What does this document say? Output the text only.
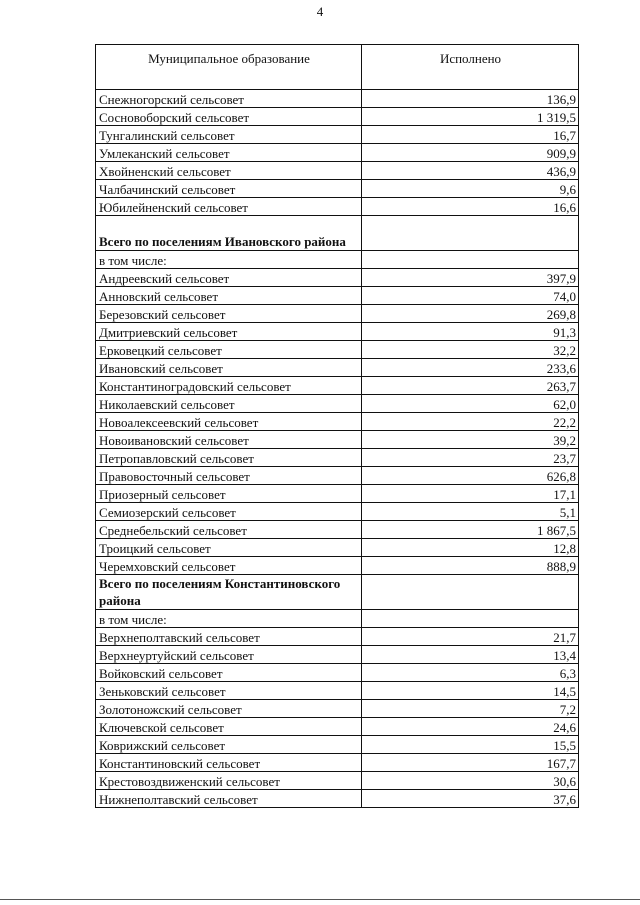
4
Муниципальное образование	Исполнено
Снежногорский сельсовет	136,9
Сосновоборский сельсовет	1 319,5
Тунгалинский сельсовет	16,7
Умлеканский сельсовет	909,9
Хвойненский сельсовет	436,9
Чалбачинский сельсовет	9,6
Юбилейненский сельсовет	16,6
Всего по поселениям Ивановского района	
в том числе:	
Андреевский сельсовет	397,9
Анновский сельсовет	74,0
Березовский сельсовет	269,8
Дмитриевский сельсовет	91,3
Ерковецкий сельсовет	32,2
Ивановский сельсовет	233,6
Константиноградовский сельсовет	263,7
Николаевский сельсовет	62,0
Новоалексеевский сельсовет	22,2
Новоивановский сельсовет	39,2
Петропавловский сельсовет	23,7
Правовосточный сельсовет	626,8
Приозерный сельсовет	17,1
Семиозерский сельсовет	5,1
Среднебельский сельсовет	1 867,5
Троицкий сельсовет	12,8
Черемховский сельсовет	888,9
Всего по поселениям Константиновского района	
в том числе:	
Верхнеполтавский сельсовет	21,7
Верхнеуртуйский сельсовет	13,4
Войковский сельсовет	6,3
Зеньковский сельсовет	14,5
Золотоножский сельсовет	7,2
Ключевской сельсовет	24,6
Коврижский сельсовет	15,5
Константиновский сельсовет	167,7
Крестовоздвиженский сельсовет	30,6
Нижнеполтавский сельсовет	37,6
